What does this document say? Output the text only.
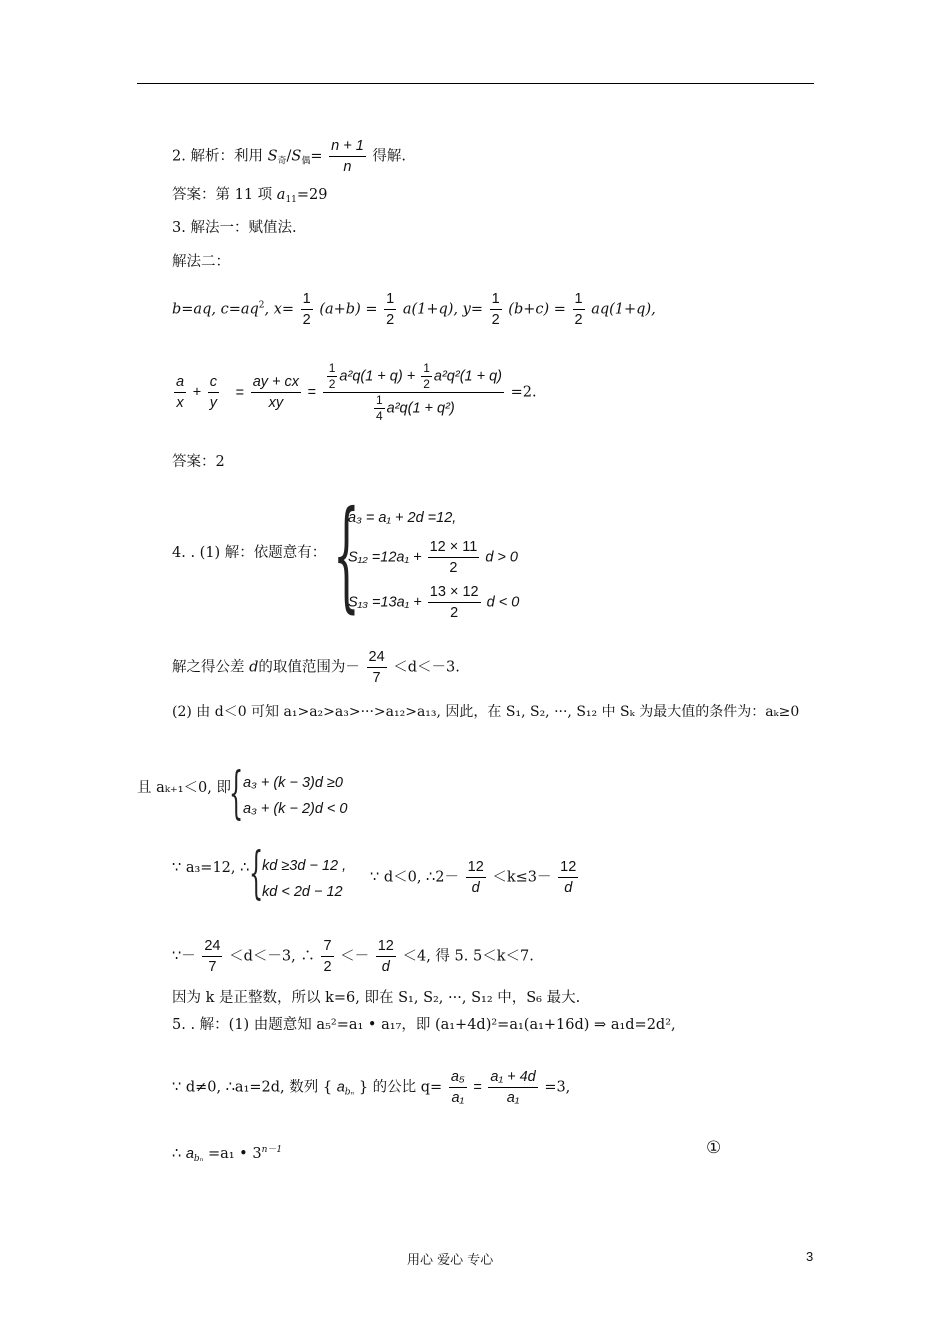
2. 解析：利用 $S_奇/S_偶= \frac{n + 1}{n}$ 得解.
答案：第 11 项 $a_{11}=29$
3. 解法一：赋值法.
解法二：
b=aq, $c=aq^2$, $x= \frac{1}{2} (a+b) = \frac{1}{2} a(1+q)$, $y= \frac{1}{2} (b+c) = \frac{1}{2} aq(1+q)$,
$\frac{a}{x} + \frac{c}{y} = \frac{ay + cx}{xy} = \frac{\frac{1}{2} a^2q(1 + q) + \frac{1}{2} a^2q^2(1 + q)}{\frac{1}{4} a^2q(1 + q^2)} =2$.
答案：2
4. . (1) 解：依题意有： {
a₃ = a₁ + 2d =12,
$S_{12} =12a_1 + \frac{12 \times 11}{2}$ d > 0
$S_{13} =13a_1 + \frac{13 \times 12}{2}$ d < 0
解之得公差 d的取值范围为－ $\frac{24}{7} <d<-3$.
(2) 由 d＜0 可知 a₁>a₂>a₃>···>a₁₂>a₁₃, 因此，在 S₁, S₂, ···, S₁₂ 中 Sₖ 为最大值的条件为：aₖ≥0
且 aₖ₊₁＜0, 即
{ a₃ + (k − 3)d ≥0
a₃ + (k − 2)d < 0
∵ a₃=12, ∴ {
kd ≥3d − 12 ,
kd < 2d − 12
∵ d＜0, ∴2－ $\frac{12}{d} <k\le 3- \frac{12}{d}$
∵－ $\frac{24}{7} <d<-3$, ∴ $\frac{7}{2} <- \frac{12}{d} <4$, 得 5. 5＜k＜7.
因为 k 是正整数，所以 k=6, 即在 S₁, S₂, ···, S₁₂ 中，S₆ 最大.
5. . 解：(1) 由题意知 a₅²=a₁ • a₁₇，即 (a₁+4d)²=a₁(a₁+16d) ⇒ a₁d=2d²,
∵ d≠0, ∴a₁=2d, 数列 { $a_{b_n}$ } 的公比 $q= \frac{\text{a₅}}{\text{a₁}} = \frac{\text{a₁ + 4d}}{\text{a₁}} =3$,
∴ $a_{b_n} =a_1$ • $3^{n-1}$	①
用心 爱心 专心	3
